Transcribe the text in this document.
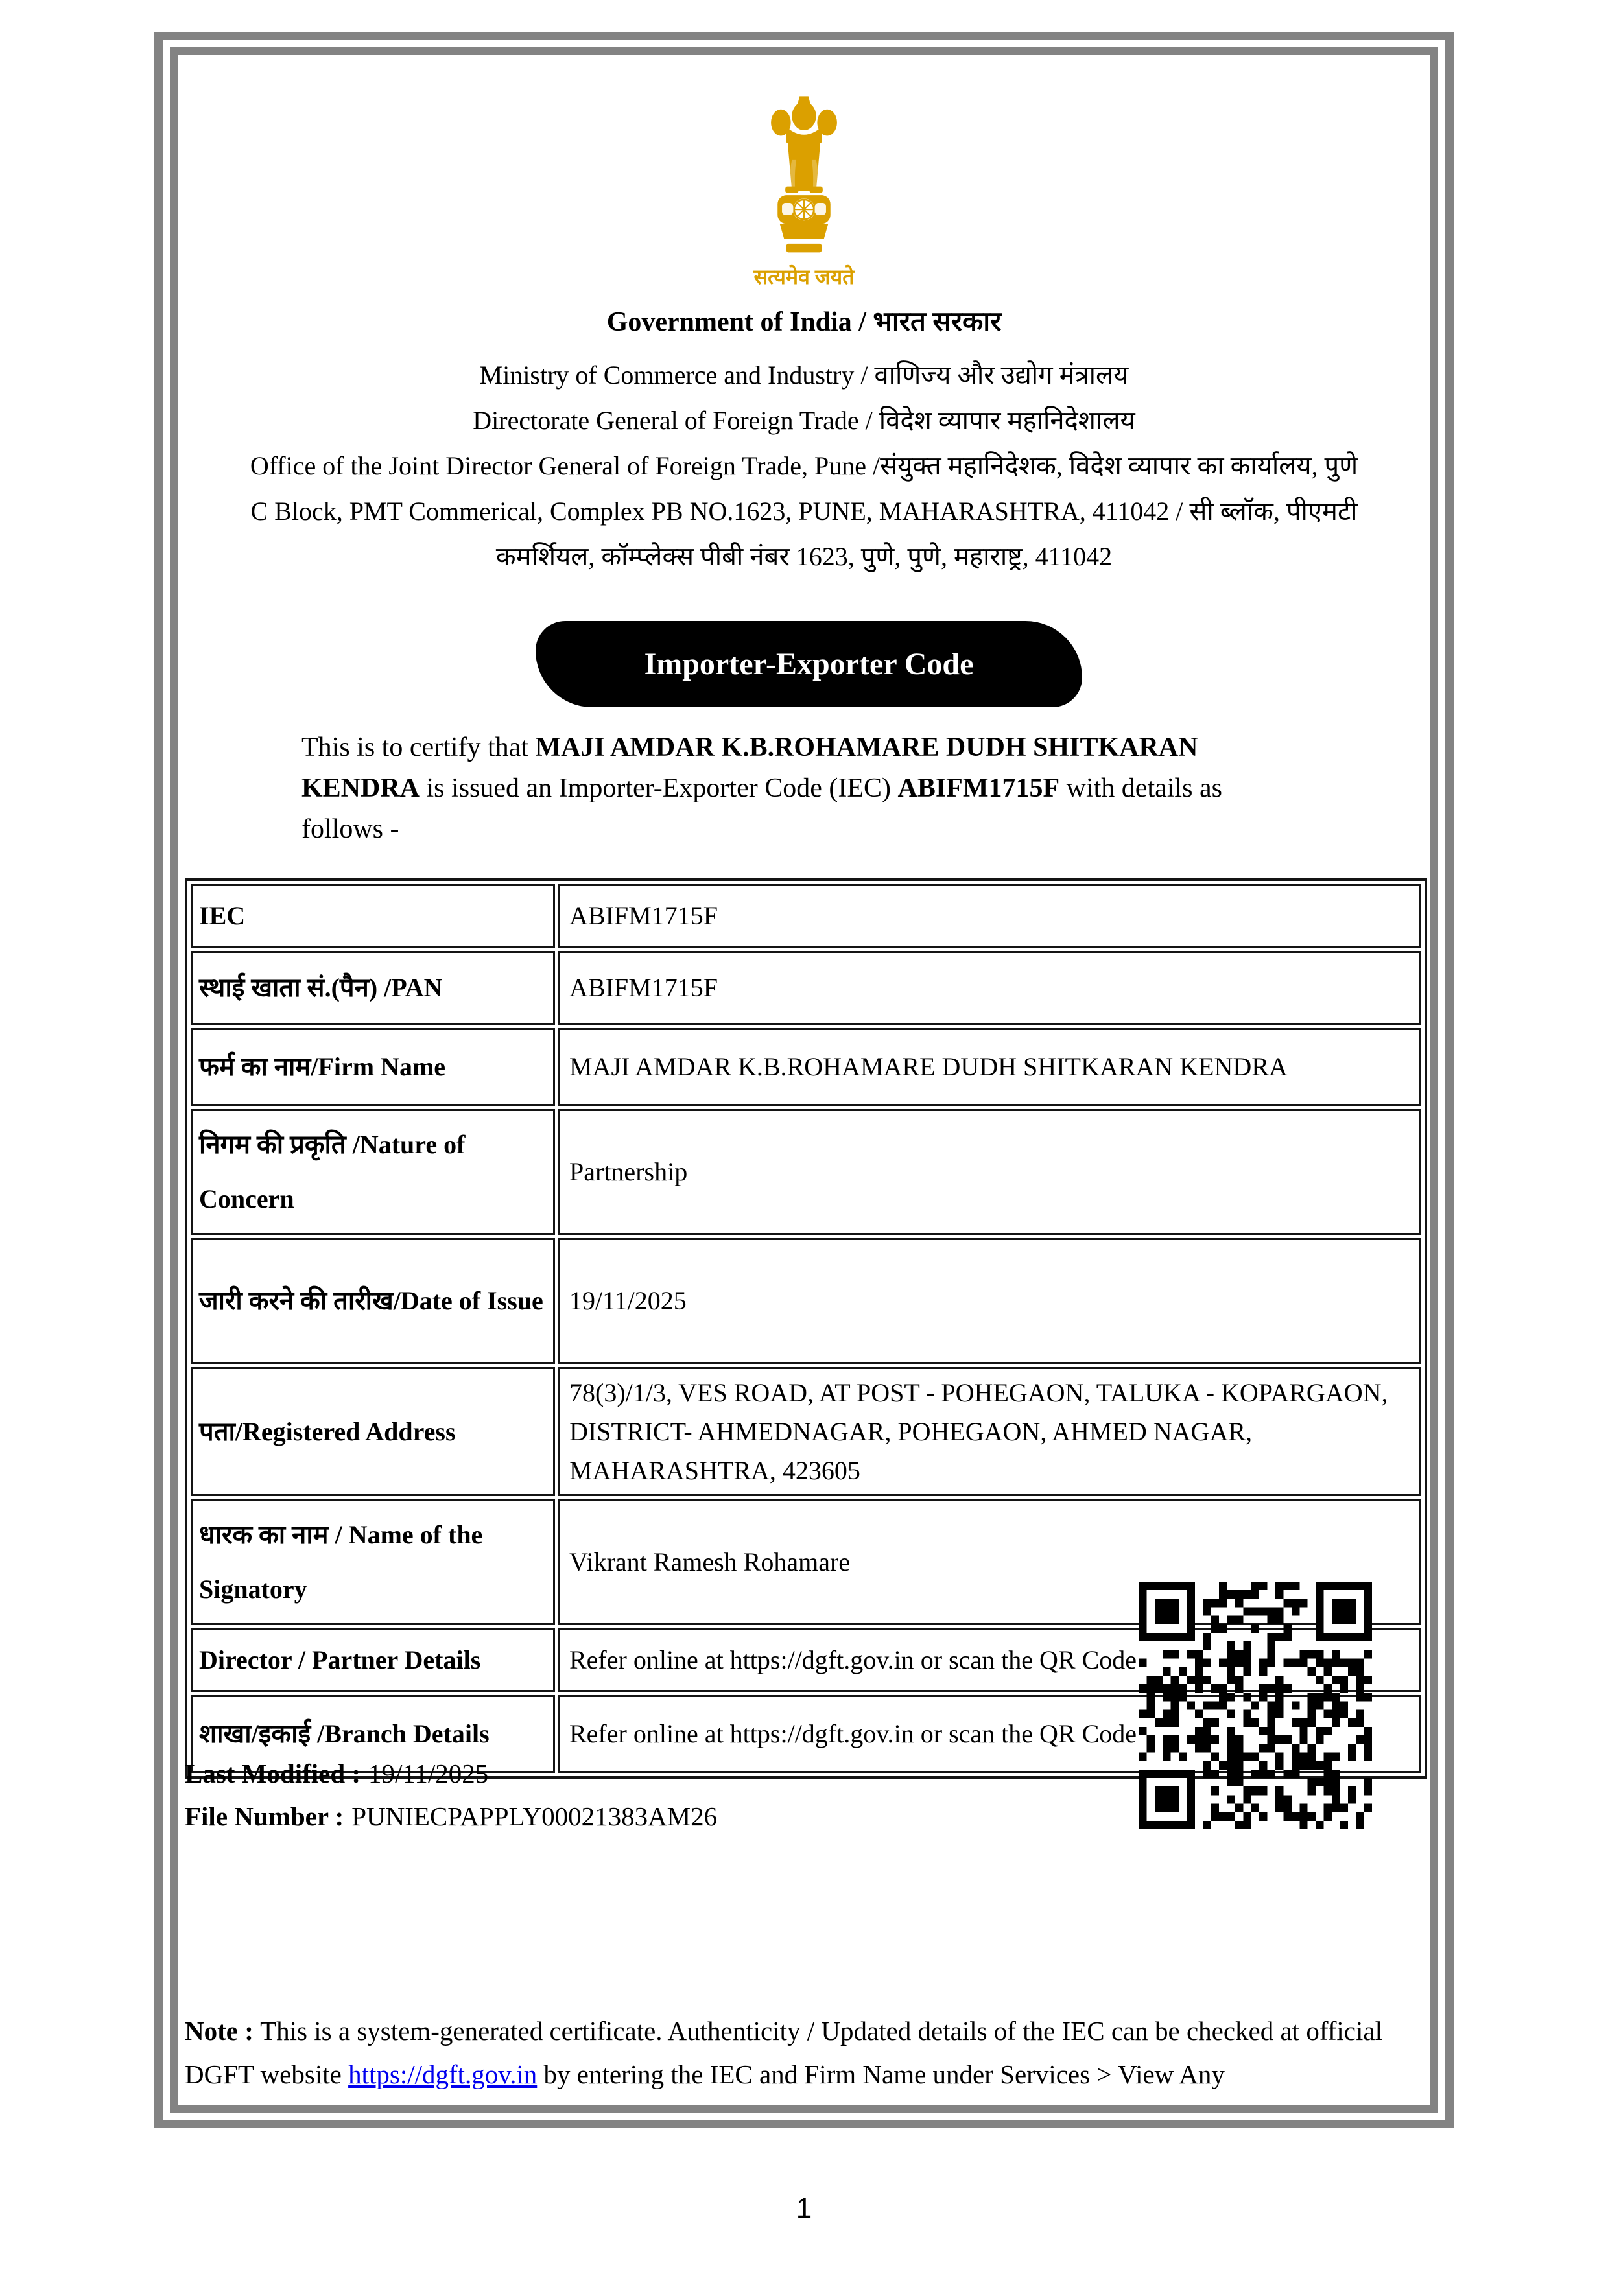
सत्यमेव जयते
Government of India / भारत सरकार
Ministry of Commerce and Industry / वाणिज्य और उद्योग मंत्रालय
Directorate General of Foreign Trade / विदेश व्यापार महानिदेशालय
Office of the Joint Director General of Foreign Trade, Pune /संयुक्त महानिदेशक, विदेश व्यापार का कार्यालय, पुणे
C Block, PMT Commerical, Complex PB NO.1623, PUNE, MAHARASHTRA, 411042 / सी ब्लॉक, पीएमटी
कमर्शियल, कॉम्प्लेक्स पीबी नंबर 1623, पुणे, पुणे, महाराष्ट्र, 411042
Importer-Exporter Code
This is to certify that MAJI AMDAR K.B.ROHAMARE DUDH SHITKARAN
KENDRA is issued an Importer-Exporter Code (IEC) ABIFM1715F with details as
follows -
IEC	ABIFM1715F
स्थाई खाता सं.(पैन) /PAN	ABIFM1715F
फर्म का नाम/Firm Name	MAJI AMDAR K.B.ROHAMARE DUDH SHITKARAN KENDRA
निगम की प्रकृति /Nature of Concern	Partnership
जारी करने की तारीख/Date of Issue	19/11/2025
पता/Registered Address	78(3)/1/3, VES ROAD, AT POST - POHEGAON, TALUKA - KOPARGAON, DISTRICT- AHMEDNAGAR, POHEGAON, AHMED NAGAR, MAHARASHTRA, 423605
धारक का नाम / Name of the Signatory	Vikrant Ramesh Rohamare
Director / Partner Details	Refer online at https://dgft.gov.in or scan the QR Code
शाखा/इकाई /Branch Details	Refer online at https://dgft.gov.in or scan the QR Code
Last Modified : 19/11/2025
File Number : PUNIECPAPPLY00021383AM26
Note : This is a system-generated certificate. Authenticity / Updated details of the IEC can be checked at official DGFT website https://dgft.gov.in by entering the IEC and Firm Name under Services > View Any
1
